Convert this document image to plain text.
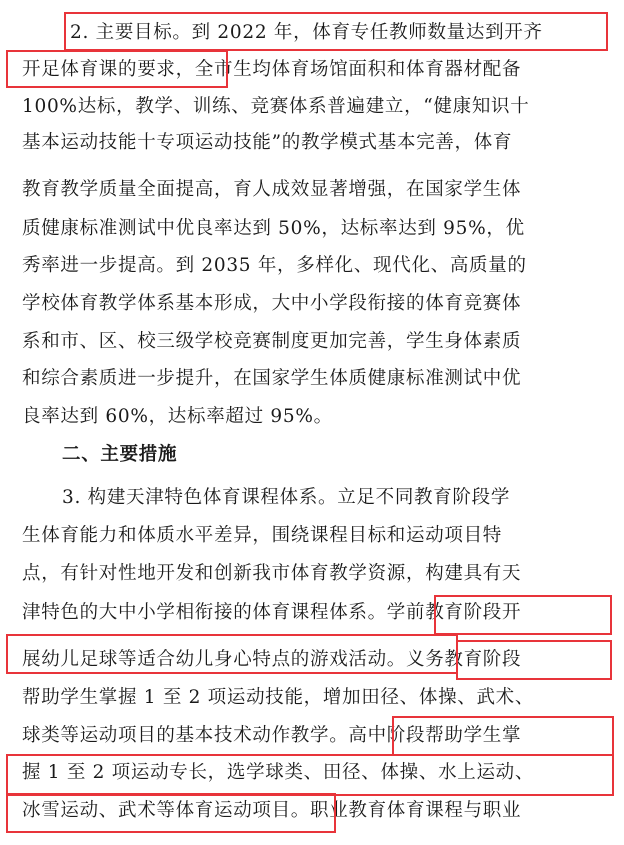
2. 主要目标。到 2022 年，体育专任教师数量达到开齐
开足体育课的要求，全市生均体育场馆面积和体育器材配备
100%达标，教学、训练、竞赛体系普遍建立，“健康知识十
基本运动技能十专项运动技能”的教学模式基本完善，体育
教育教学质量全面提高，育人成效显著增强，在国家学生体
质健康标准测试中优良率达到 50%，达标率达到 95%，优
秀率进一步提高。到 2035 年，多样化、现代化、高质量的
学校体育教学体系基本形成，大中小学段衔接的体育竞赛体
系和市、区、校三级学校竞赛制度更加完善，学生身体素质
和综合素质进一步提升，在国家学生体质健康标准测试中优
良率达到 60%，达标率超过 95%。
二、主要措施
3. 构建天津特色体育课程体系。立足不同教育阶段学
生体育能力和体质水平差异，围绕课程目标和运动项目特
点，有针对性地开发和创新我市体育教学资源，构建具有天
津特色的大中小学相衔接的体育课程体系。学前教育阶段开
展幼儿足球等适合幼儿身心特点的游戏活动。义务教育阶段
帮助学生掌握 1 至 2 项运动技能，增加田径、体操、武术、
球类等运动项目的基本技术动作教学。高中阶段帮助学生掌
握 1 至 2 项运动专长，选学球类、田径、体操、水上运动、
冰雪运动、武术等体育运动项目。职业教育体育课程与职业
